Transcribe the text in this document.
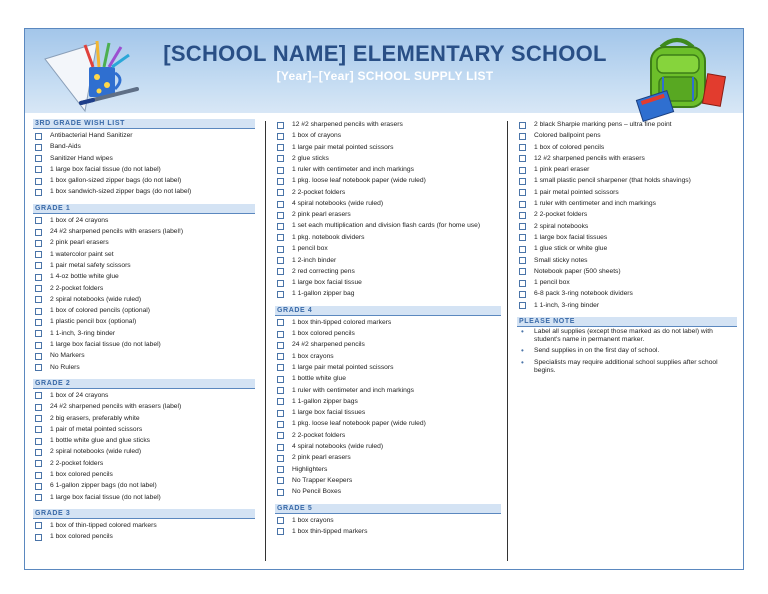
[SCHOOL NAME] ELEMENTARY SCHOOL
[Year]–[Year] SCHOOL SUPPLY LIST
3RD GRADE WISH LIST
Antibacterial Hand Sanitizer
Band-Aids
Sanitizer Hand wipes
1 large box facial tissue (do not label)
1 box gallon-sized zipper bags (do not label)
1 box sandwich-sized zipper bags (do not label)
GRADE 1
1 box of 24 crayons
24 #2 sharpened pencils with erasers (label!)
2 pink pearl erasers
1 watercolor paint set
1 pair metal safety scissors
1 4-oz bottle white glue
2 2-pocket folders
2 spiral notebooks (wide ruled)
1 box of colored pencils (optional)
1 plastic pencil box (optional)
1 1-inch, 3-ring binder
1 large box facial tissue (do not label)
No Markers
No Rulers
GRADE 2
1 box of 24 crayons
24 #2 sharpened pencils with erasers (label)
2 big erasers, preferably white
1 pair of metal pointed scissors
1 bottle white glue and glue sticks
2 spiral notebooks (wide ruled)
2 2-pocket folders
1 box colored pencils
6 1-gallon zipper bags (do not label)
1 large box facial tissue (do not label)
GRADE 3
1 box of thin-tipped colored markers
1 box colored pencils
12 #2 sharpened pencils with erasers
1 box of crayons
1 large pair metal pointed scissors
2 glue sticks
1 ruler with centimeter and inch markings
1 pkg. loose leaf notebook paper (wide ruled)
2 2-pocket folders
4 spiral notebooks (wide ruled)
2 pink pearl erasers
1 set each multiplication and division flash cards (for home use)
1 pkg. notebook dividers
1 pencil box
1 2-inch binder
2 red correcting pens
1 large box facial tissue
1 1-gallon zipper bag
GRADE 4
1 box thin-tipped colored markers
1 box colored pencils
24 #2 sharpened pencils
1 box crayons
1 large pair metal pointed scissors
1 bottle white glue
1 ruler with centimeter and inch markings
1 1-gallon zipper bags
1 large box facial tissues
1 pkg. loose leaf notebook paper (wide ruled)
2 2-pocket folders
4 spiral notebooks (wide ruled)
2 pink pearl erasers
Highlighters
No Trapper Keepers
No Pencil Boxes
GRADE 5
1 box crayons
1 box thin-tipped markers
2 black Sharpie marking pens – ultra fine point
Colored ballpoint pens
1 box of colored pencils
12 #2 sharpened pencils with erasers
1 pink pearl eraser
1 small plastic pencil sharpener (that holds shavings)
1 pair metal pointed scissors
1 ruler with centimeter and inch markings
2 2-pocket folders
2 spiral notebooks
1 large box facial tissues
1 glue stick or white glue
Small sticky notes
Notebook paper (500 sheets)
1 pencil box
6-8 pack 3-ring notebook dividers
1 1-inch, 3-ring binder
PLEASE NOTE
• Label all supplies (except those marked as do not label) with student's name in permanent marker.
• Send supplies in on the first day of school.
• Specialists may require additional school supplies after school begins.
